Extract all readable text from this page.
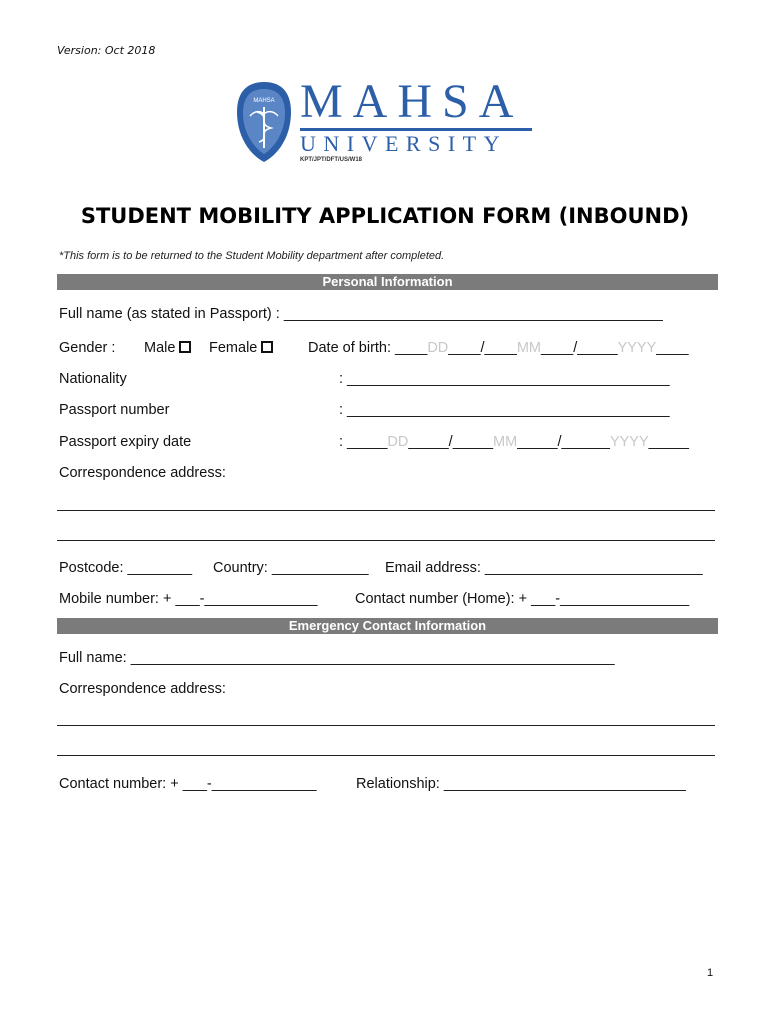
Version: Oct 2018
MAHSA MAHSA
UNIVERSITY
KPT/JPT/DFT/US/W18
STUDENT MOBILITY APPLICATION FORM (INBOUND)
*This form is to be returned to the Student Mobility department after completed.
Personal Information
Full name (as stated in Passport) : _______________________________________________
Gender : Male	Female	Date of birth: ____DD____/____MM____/_____YYYY____
Nationality	: ________________________________________
Passport number	: ________________________________________
Passport expiry date	: _____DD_____/_____MM_____/______YYYY_____
Correspondence address:
Postcode: ________ Country: ____________ Email address: ___________________________
Mobile number: + ___-______________	Contact number (Home): + ___-________________
Emergency Contact Information
Full name: ____________________________________________________________
Correspondence address:
Contact number: + ___-_____________	Relationship: ______________________________
1
